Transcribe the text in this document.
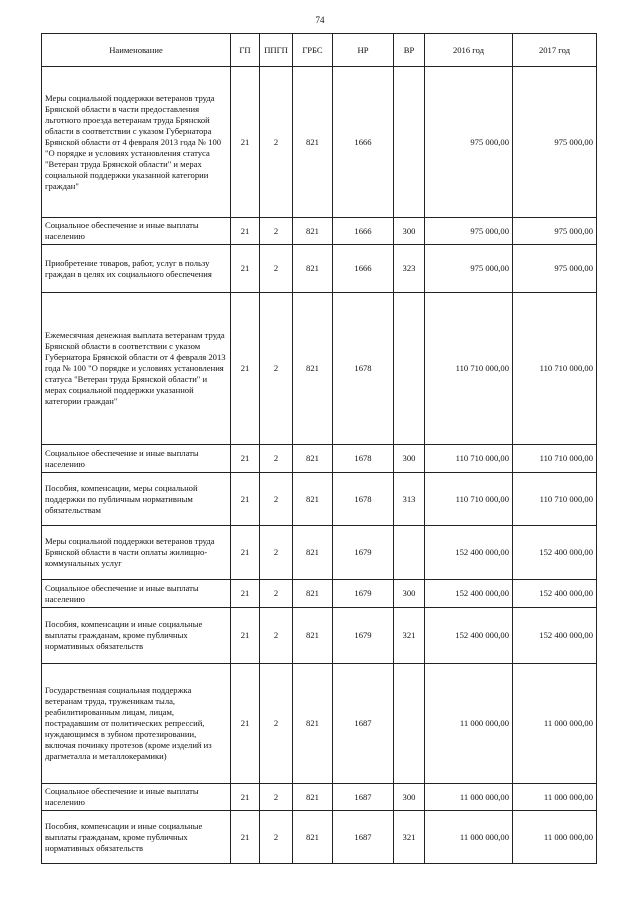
74
Наименование	ГП	ППГП	ГРБС	НР	ВР	2016 год	2017 год
Меры социальной поддержки ветеранов труда Брянской области в части предоставления льготного проезда ветеранам труда Брянской области в соответствии с указом Губернатора Брянской области от 4 февраля 2013 года № 100 "О порядке и условиях установления статуса "Ветеран труда Брянской области" и мерах социальной поддержки указанной категории граждан"	21	2	821	1666		975 000,00	975 000,00
Социальное обеспечение и иные выплаты населению	21	2	821	1666	300	975 000,00	975 000,00
Приобретение товаров, работ, услуг в пользу граждан в целях их социального обеспечения	21	2	821	1666	323	975 000,00	975 000,00
Ежемесячная денежная выплата ветеранам труда Брянской области в соответствии с указом Губернатора Брянской области от 4 февраля 2013 года № 100 "О порядке и условиях установления статуса "Ветеран труда Брянской области" и мерах социальной поддержки указанной категории граждан"	21	2	821	1678		110 710 000,00	110 710 000,00
Социальное обеспечение и иные выплаты населению	21	2	821	1678	300	110 710 000,00	110 710 000,00
Пособия, компенсации, меры социальной поддержки по публичным нормативным обязательствам	21	2	821	1678	313	110 710 000,00	110 710 000,00
Меры социальной поддержки ветеранов труда Брянской области в части оплаты жилищно-коммунальных услуг	21	2	821	1679		152 400 000,00	152 400 000,00
Социальное обеспечение и иные выплаты населению	21	2	821	1679	300	152 400 000,00	152 400 000,00
Пособия, компенсации и иные социальные выплаты гражданам, кроме публичных нормативных обязательств	21	2	821	1679	321	152 400 000,00	152 400 000,00
Государственная социальная поддержка ветеранам труда, труженикам тыла, реабилитированным лицам, лицам, пострадавшим от политических репрессий, нуждающимся в зубном протезировании, включая починку протезов (кроме изделий из драгметалла и металлокерамики)	21	2	821	1687		11 000 000,00	11 000 000,00
Социальное обеспечение и иные выплаты населению	21	2	821	1687	300	11 000 000,00	11 000 000,00
Пособия, компенсации и иные социальные выплаты гражданам, кроме публичных нормативных обязательств	21	2	821	1687	321	11 000 000,00	11 000 000,00
